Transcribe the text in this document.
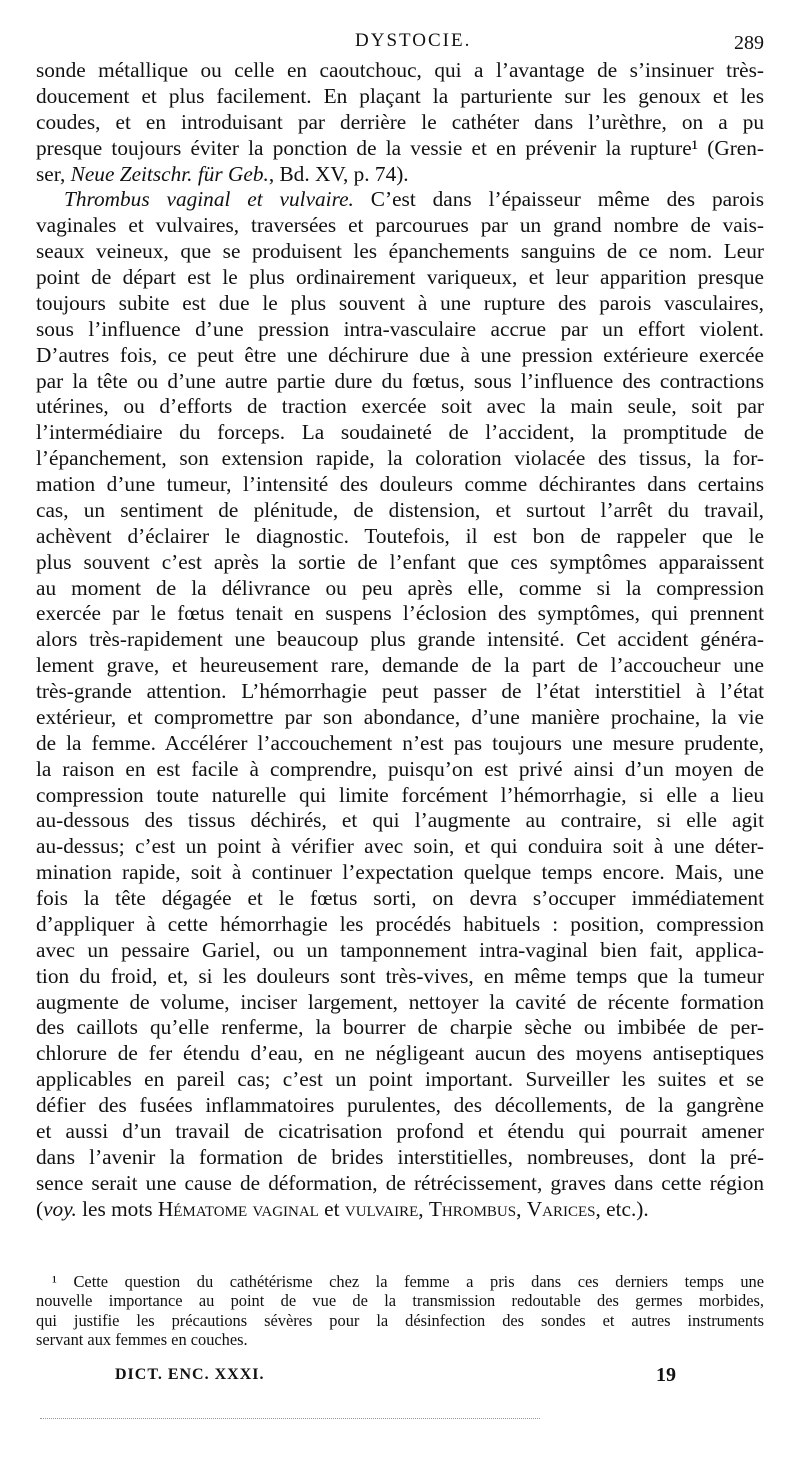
DYSTOCIE.	289
sonde métallique ou celle en caoutchouc, qui a l’avantage de s’insinuer très-
doucement et plus facilement. En plaçant la parturiente sur les genoux et les
coudes, et en introduisant par derrière le cathéter dans l’urèthre, on a pu
presque toujours éviter la ponction de la vessie et en prévenir la rupture¹ (Gren-
ser, Neue Zeitschr. für Geb., Bd. XV, p. 74).
Thrombus vaginal et vulvaire. C’est dans l’épaisseur même des parois
vaginales et vulvaires, traversées et parcourues par un grand nombre de vais-
seaux veineux, que se produisent les épanchements sanguins de ce nom. Leur
point de départ est le plus ordinairement variqueux, et leur apparition presque
toujours subite est due le plus souvent à une rupture des parois vasculaires,
sous l’influence d’une pression intra-vasculaire accrue par un effort violent.
D’autres fois, ce peut être une déchirure due à une pression extérieure exercée
par la tête ou d’une autre partie dure du fœtus, sous l’influence des contractions
utérines, ou d’efforts de traction exercée soit avec la main seule, soit par
l’intermédiaire du forceps. La soudaineté de l’accident, la promptitude de
l’épanchement, son extension rapide, la coloration violacée des tissus, la for-
mation d’une tumeur, l’intensité des douleurs comme déchirantes dans certains
cas, un sentiment de plénitude, de distension, et surtout l’arrêt du travail,
achèvent d’éclairer le diagnostic. Toutefois, il est bon de rappeler que le
plus souvent c’est après la sortie de l’enfant que ces symptômes apparaissent
au moment de la délivrance ou peu après elle, comme si la compression
exercée par le fœtus tenait en suspens l’éclosion des symptômes, qui prennent
alors très-rapidement une beaucoup plus grande intensité. Cet accident généra-
lement grave, et heureusement rare, demande de la part de l’accoucheur une
très-grande attention. L’hémorrhagie peut passer de l’état interstitiel à l’état
extérieur, et compromettre par son abondance, d’une manière prochaine, la vie
de la femme. Accélérer l’accouchement n’est pas toujours une mesure prudente,
la raison en est facile à comprendre, puisqu’on est privé ainsi d’un moyen de
compression toute naturelle qui limite forcément l’hémorrhagie, si elle a lieu
au-dessous des tissus déchirés, et qui l’augmente au contraire, si elle agit
au-dessus; c’est un point à vérifier avec soin, et qui conduira soit à une déter-
mination rapide, soit à continuer l’expectation quelque temps encore. Mais, une
fois la tête dégagée et le fœtus sorti, on devra s’occuper immédiatement
d’appliquer à cette hémorrhagie les procédés habituels : position, compression
avec un pessaire Gariel, ou un tamponnement intra-vaginal bien fait, applica-
tion du froid, et, si les douleurs sont très-vives, en même temps que la tumeur
augmente de volume, inciser largement, nettoyer la cavité de récente formation
des caillots qu’elle renferme, la bourrer de charpie sèche ou imbibée de per-
chlorure de fer étendu d’eau, en ne négligeant aucun des moyens antiseptiques
applicables en pareil cas; c’est un point important. Surveiller les suites et se
défier des fusées inflammatoires purulentes, des décollements, de la gangrène
et aussi d’un travail de cicatrisation profond et étendu qui pourrait amener
dans l’avenir la formation de brides interstitielles, nombreuses, dont la pré-
sence serait une cause de déformation, de rétrécissement, graves dans cette région
(voy. les mots Hématome vaginal et vulvaire, Thrombus, Varices, etc.).
¹ Cette question du cathétérisme chez la femme a pris dans ces derniers temps une
nouvelle importance au point de vue de la transmission redoutable des germes morbides,
qui justifie les précautions sévères pour la désinfection des sondes et autres instruments
servant aux femmes en couches.
DICT. ENC. XXXI.	19
